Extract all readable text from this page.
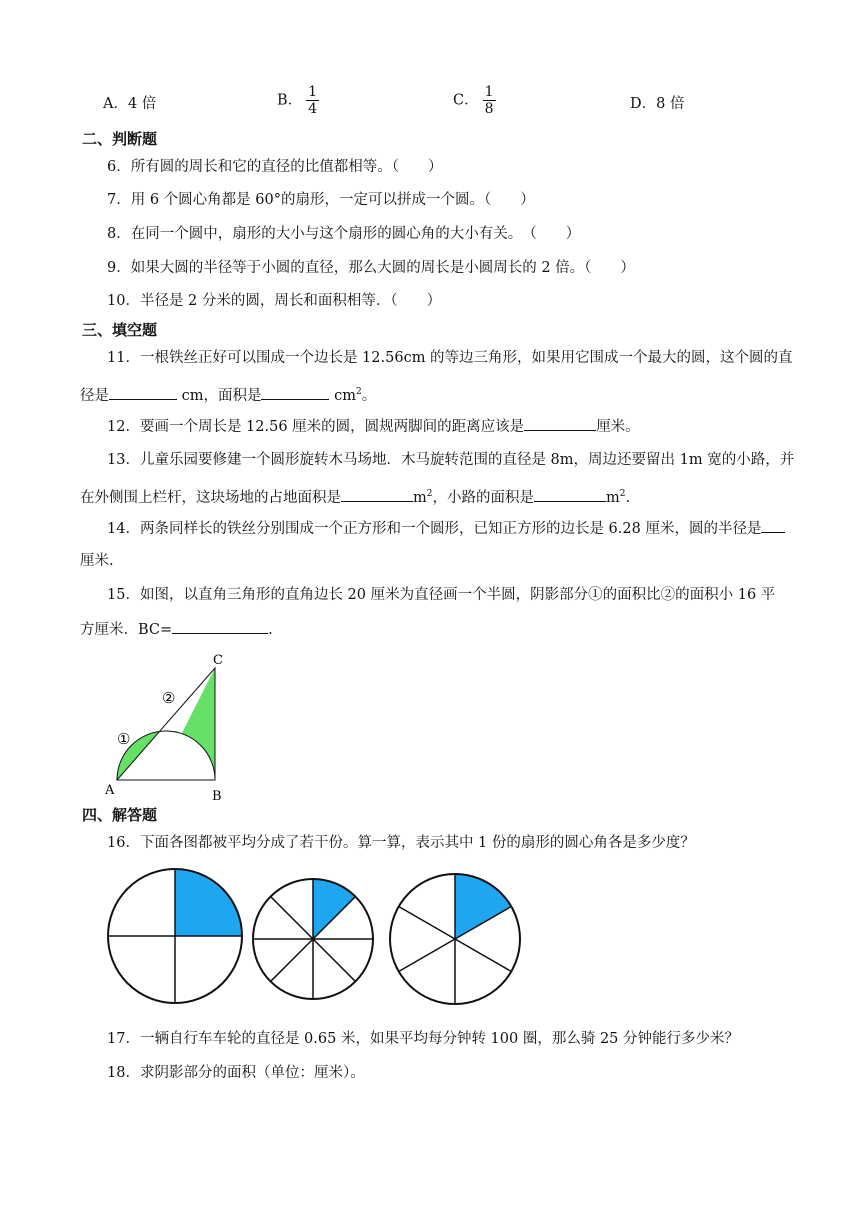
A．4 倍	B． $\frac{1}{4}$	C． $\frac{1}{8}$	D．8 倍
二、判断题
6．所有圆的周长和它的直径的比值都相等。（　　）
7．用 6 个圆心角都是 60°的扇形，一定可以拼成一个圆。（　　）
8．在同一个圆中，扇形的大小与这个扇形的圆心角的大小有关。　（　　）
9．如果大圆的半径等于小圆的直径，那么大圆的周长是小圆周长的 2 倍。（　　）
10．半径是 2 分米的圆，周长和面积相等．（　　）
三、填空题
11．一根铁丝正好可以围成一个边长是 12.56cm 的等边三角形，如果用它围成一个最大的圆，这个圆的直
径是	cm，面积是	$cm^2$。
12．要画一个周长是 12.56 厘米的圆，圆规两脚间的距离应该是	厘米。
13．儿童乐园要修建一个圆形旋转木马场地．木马旋转范围的直径是 8m，周边还要留出 1m 宽的小路，并
在外侧围上栏杆，这块场地的占地面积是	$m^2$，小路的面积是	$m^2$.
14．两条同样长的铁丝分别围成一个正方形和一个圆形，已知正方形的边长是 6.28 厘米，圆的半径是
厘米.
15．如图，以直角三角形的直角边长 20 厘米为直径画一个半圆，阴影部分①的面积比②的面积小 16 平
方厘米．BC=	.
A	B
C
①
②
四、解答题
16．下面各图都被平均分成了若干份。算一算，表示其中 1 份的扇形的圆心角各是多少度？
17．一辆自行车车轮的直径是 0.65 米，如果平均每分钟转 100 圈，那么骑 25 分钟能行多少米？
18．求阴影部分的面积（单位：厘米）。
